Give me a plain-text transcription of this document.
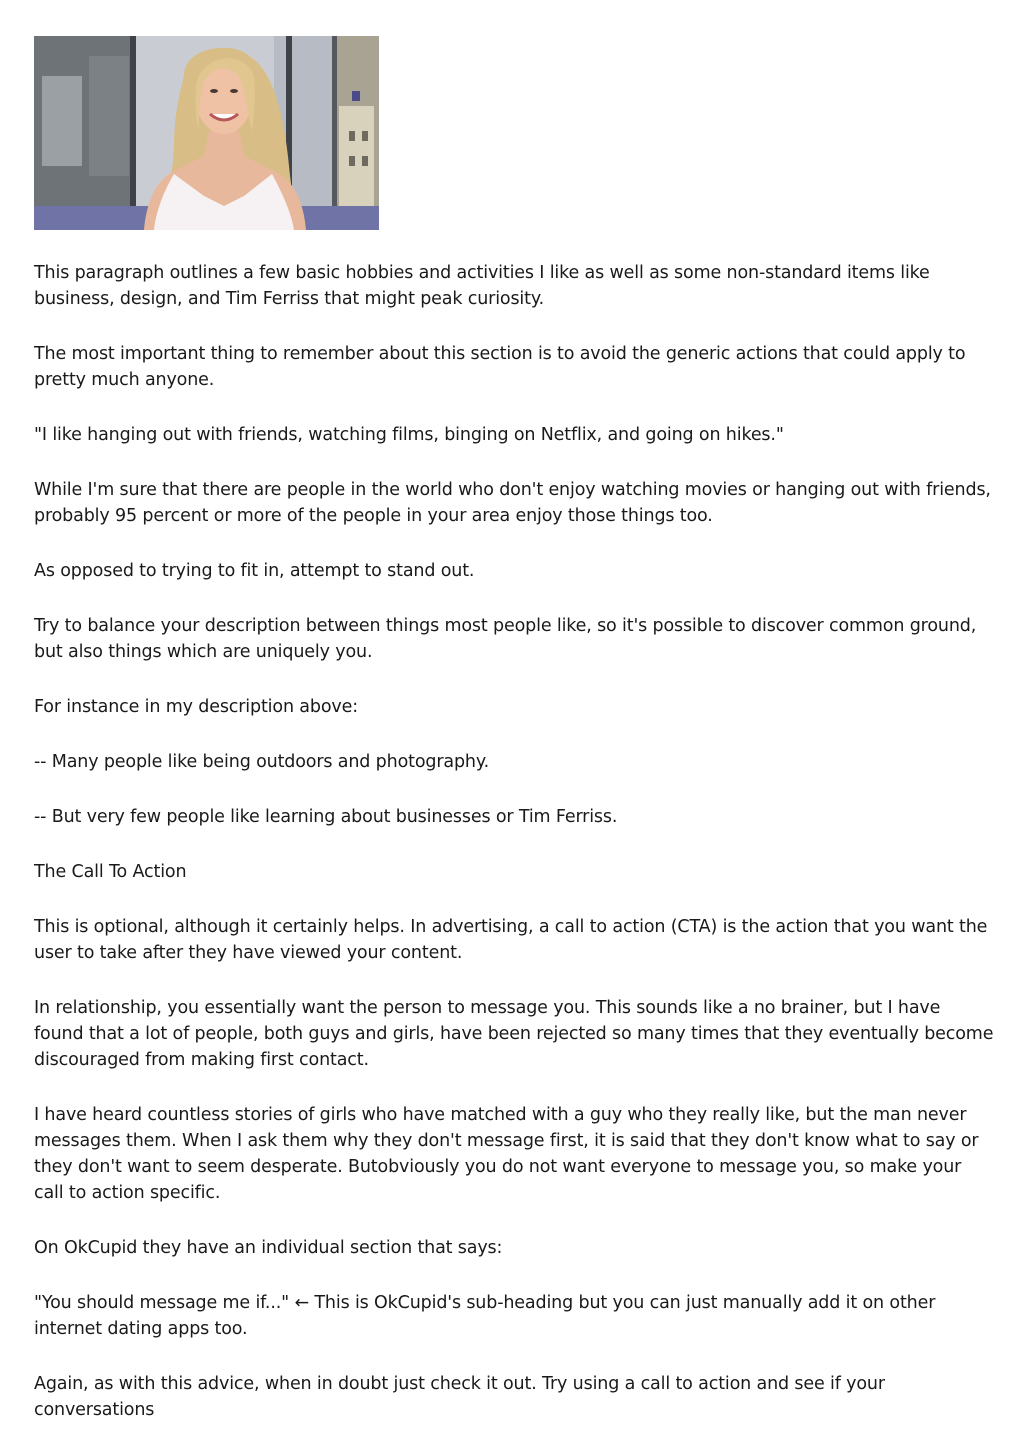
This paragraph outlines a few basic hobbies and activities I like as well as some non-standard items like business, design, and Tim Ferriss that might peak curiosity.

The most important thing to remember about this section is to avoid the generic actions that could apply to pretty much anyone.

"I like hanging out with friends, watching films, binging on Netflix, and going on hikes."

While I'm sure that there are people in the world who don't enjoy watching movies or hanging out with friends, probably 95 percent or more of the people in your area enjoy those things too.

As opposed to trying to fit in, attempt to stand out.

Try to balance your description between things most people like, so it's possible to discover common ground, but also things which are uniquely you.

For instance in my description above:

-- Many people like being outdoors and photography.

-- But very few people like learning about businesses or Tim Ferriss.

The Call To Action

This is optional, although it certainly helps. In advertising, a call to action (CTA) is the action that you want the user to take after they have viewed your content.

In relationship, you essentially want the person to message you. This sounds like a no brainer, but I have found that a lot of people, both guys and girls, have been rejected so many times that they eventually become discouraged from making first contact.

I have heard countless stories of girls who have matched with a guy who they really like, but the man never messages them. When I ask them why they don't message first, it is said that they don't know what to say or they don't want to seem desperate. Butobviously you do not want everyone to message you, so make your call to action specific.

On OkCupid they have an individual section that says:

"You should message me if..." ← This is OkCupid's sub-heading but you can just manually add it on other internet dating apps too.

Again, as with this advice, when in doubt just check it out. Try using a call to action and see if your conversations
